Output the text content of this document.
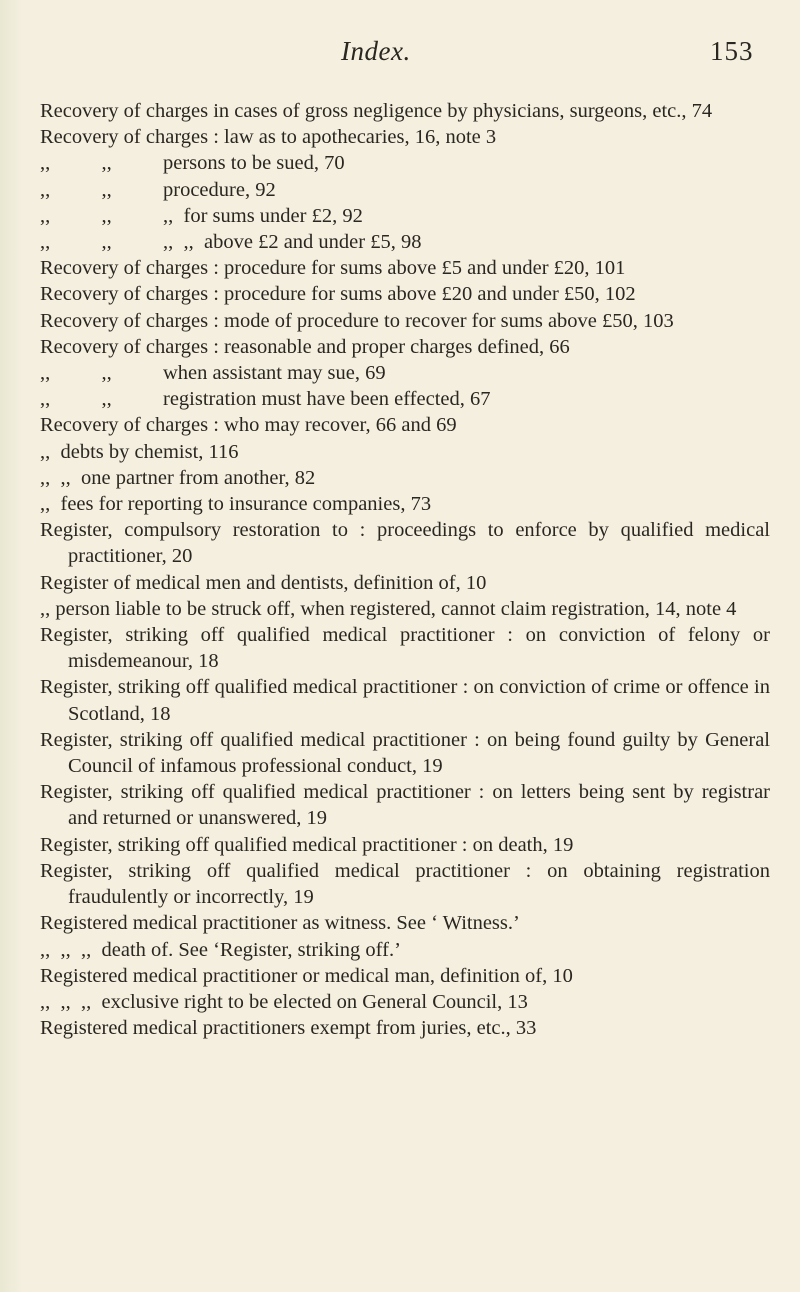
Index.	153
Recovery of charges in cases of gross negligence by physicians, surgeons, etc., 74
Recovery of charges : law as to apothecaries, 16, note 3
,,          ,,          persons to be sued, 70
,,          ,,          procedure, 92
,,          ,,          ,,  for sums under £2, 92
,,          ,,          ,,  ,,  above £2 and under £5, 98
Recovery of charges : procedure for sums above £5 and under £20, 101
Recovery of charges : procedure for sums above £20 and under £50, 102
Recovery of charges : mode of procedure to recover for sums above £50, 103
Recovery of charges : reasonable and proper charges defined, 66
,,          ,,          when assistant may sue, 69
,,          ,,          registration must have been effected, 67
Recovery of charges : who may recover, 66 and 69
,,  debts by chemist, 116
,,  ,,  one partner from another, 82
,,  fees for reporting to insurance companies, 73
Register, compulsory restoration to : proceedings to enforce by qualified medical practitioner, 20
Register of medical men and dentists, definition of, 10
,, person liable to be struck off, when registered, cannot claim registration, 14, note 4
Register, striking off qualified medical practitioner : on conviction of felony or misdemeanour, 18
Register, striking off qualified medical practitioner : on conviction of crime or offence in Scotland, 18
Register, striking off qualified medical practitioner : on being found guilty by General Council of infamous professional conduct, 19
Register, striking off qualified medical practitioner : on letters being sent by registrar and returned or unanswered, 19
Register, striking off qualified medical practitioner : on death, 19
Register, striking off qualified medical practitioner : on obtaining registration fraudulently or incorrectly, 19
Registered medical practitioner as witness. See ‘ Witness.’
,,  ,,  ,,  death of. See ‘Register, striking off.’
Registered medical practitioner or medical man, definition of, 10
,,  ,,  ,,  exclusive right to be elected on General Council, 13
Registered medical practitioners exempt from juries, etc., 33
